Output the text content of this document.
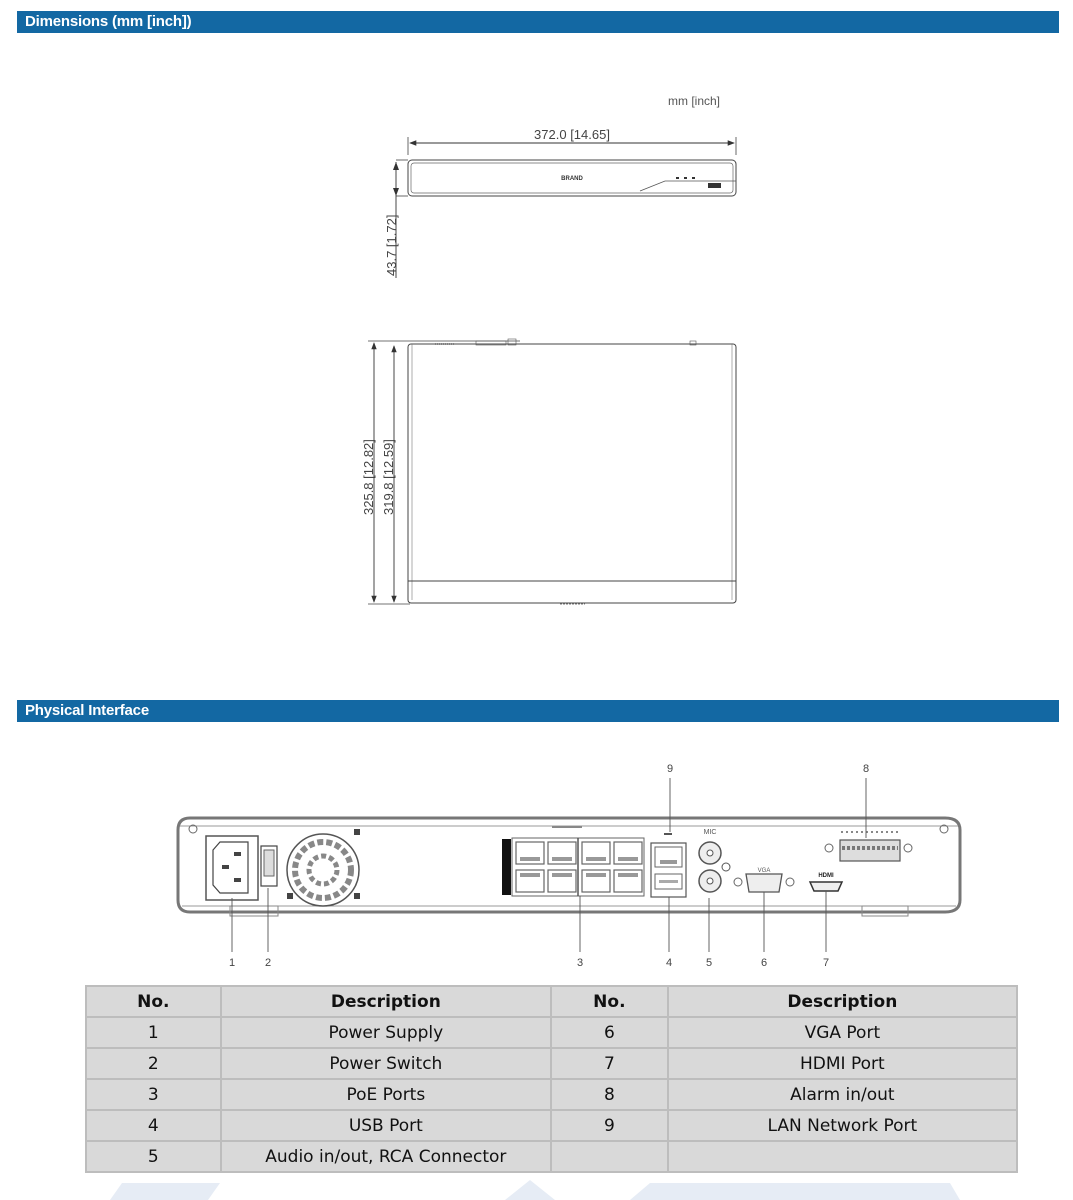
Dimensions (mm [inch])
mm [inch]
372.0 [14.65]
BRAND
43.7 [1.72]
325.8 [12.82] 319.8 [12.59]
Physical Interface
MIC
VGA
HDMI
1	2	3	4	5	6	7
8
9
No.	Description	No.	Description
1	Power Supply	6	VGA Port
2	Power Switch	7	HDMI Port
3	PoE Ports	8	Alarm in/out
4	USB Port	9	LAN Network Port
5	Audio in/out, RCA Connector		
